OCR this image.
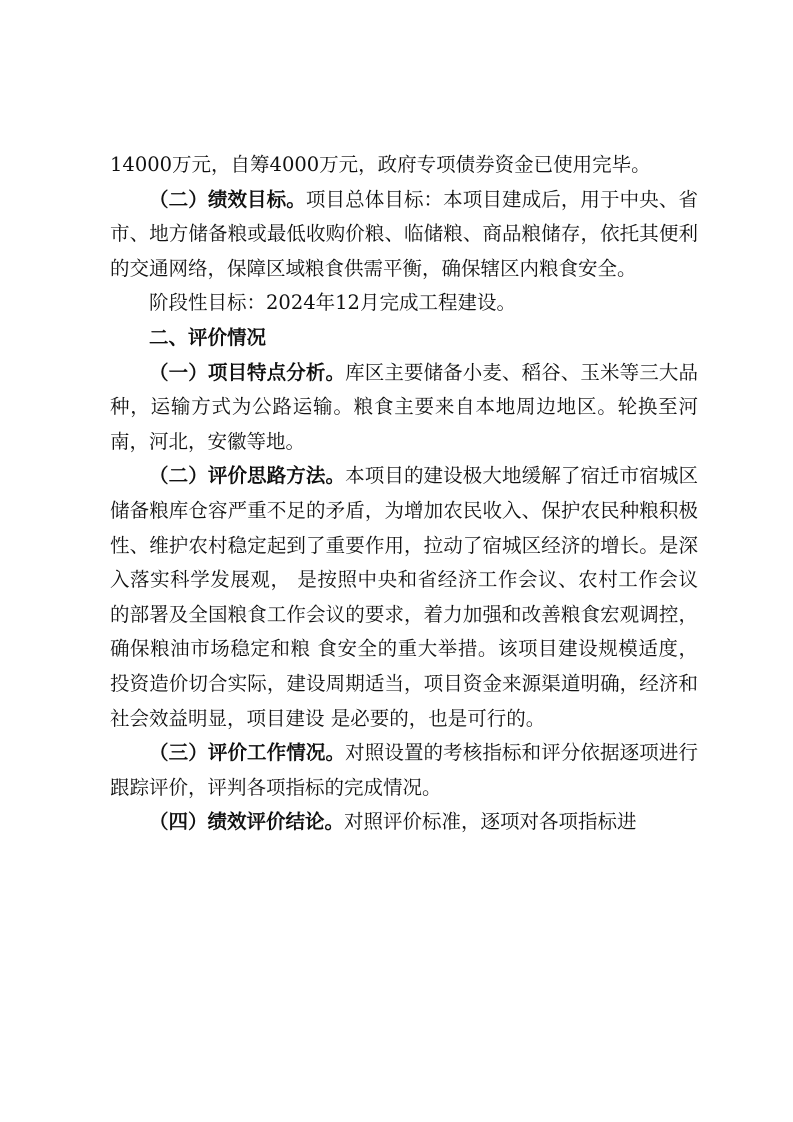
14000万元，自筹4000万元，政府专项债券资金已使用完毕。

（二）绩效目标。项目总体目标：本项目建成后，用于中央、省市、地方储备粮或最低收购价粮、临储粮、商品粮储存，依托其便利的交通网络，保障区域粮食供需平衡，确保辖区内粮食安全。

阶段性目标：2024年12月完成工程建设。

二、评价情况

（一）项目特点分析。库区主要储备小麦、稻谷、玉米等三大品种，运输方式为公路运输。粮食主要来自本地周边地区。轮换至河南，河北，安徽等地。

（二）评价思路方法。本项目的建设极大地缓解了宿迁市宿城区储备粮库仓容严重不足的矛盾，为增加农民收入、保护农民种粮积极性、维护农村稳定起到了重要作用，拉动了宿城区经济的增长。是深入落实科学发展观， 是按照中央和省经济工作会议、农村工作会议的部署及全国粮食工作会议的要求，着力加强和改善粮食宏观调控，确保粮油市场稳定和粮 食安全的重大举措。该项目建设规模适度，投资造价切合实际，建设周期适当，项目资金来源渠道明确，经济和社会效益明显，项目建设 是必要的，也是可行的。

（三）评价工作情况。对照设置的考核指标和评分依据逐项进行跟踪评价，评判各项指标的完成情况。

（四）绩效评价结论。对照评价标准，逐项对各项指标进
